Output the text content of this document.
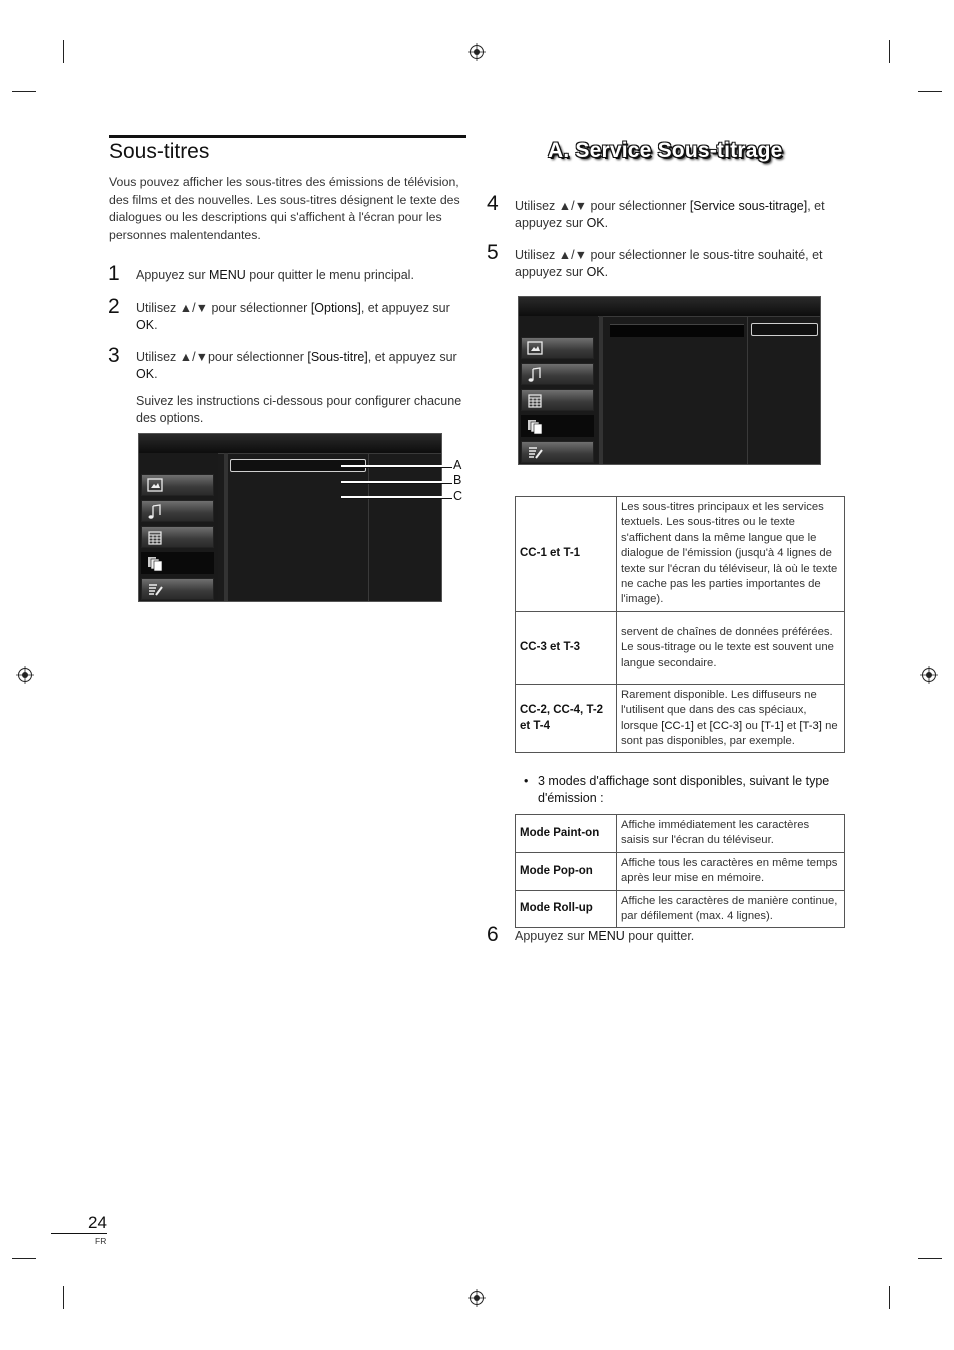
Sous-titres

Vous pouvez afficher les sous-titres des émissions de télévision, des films et des nouvelles. Les sous-titres désignent le texte des dialogues ou les descriptions qui s'affichent à l'écran pour les personnes malentendantes.

1 Appuyez sur MENU pour quitter le menu principal.

2 Utilisez ▲/▼ pour sélectionner [Options], et appuyez sur OK.

3 Utilisez ▲/▼pour sélectionner [Sous-titre], et appuyez sur OK.

Suivez les instructions ci-dessous pour configurer chacune des options.

A
B
C
A. Service Sous-titrage
4 Utilisez ▲/▼ pour sélectionner [Service sous-titrage], et appuyez sur OK.

5 Utilisez ▲/▼ pour sélectionner le sous-titre souhaité, et appuyez sur OK.

CC-1 et T-1	Les sous-titres principaux et les services textuels. Les sous-titres ou le texte s'affichent dans la même langue que le dialogue de l'émission (jusqu'à 4 lignes de texte sur l'écran du téléviseur, là où le texte ne cache pas les parties importantes de l'image).
CC-3 et T-3	servent de chaînes de données préférées. Le sous-titrage ou le texte est souvent une langue secondaire.
CC-2, CC-4, T-2 et T-4	Rarement disponible. Les diffuseurs ne l'utilisent que dans des cas spéciaux, lorsque [CC-1] et [CC-3] ou [T-1] et [T-3] ne sont pas disponibles, par exemple.

• 3 modes d'affichage sont disponibles, suivant le type d'émission :

Mode Paint-on	Affiche immédiatement les caractères saisis sur l'écran du téléviseur.
Mode Pop-on	Affiche tous les caractères en même temps après leur mise en mémoire.
Mode Roll-up	Affiche les caractères de manière continue, par défilement (max. 4 lignes).
6 Appuyez sur MENU pour quitter.

24
FR
